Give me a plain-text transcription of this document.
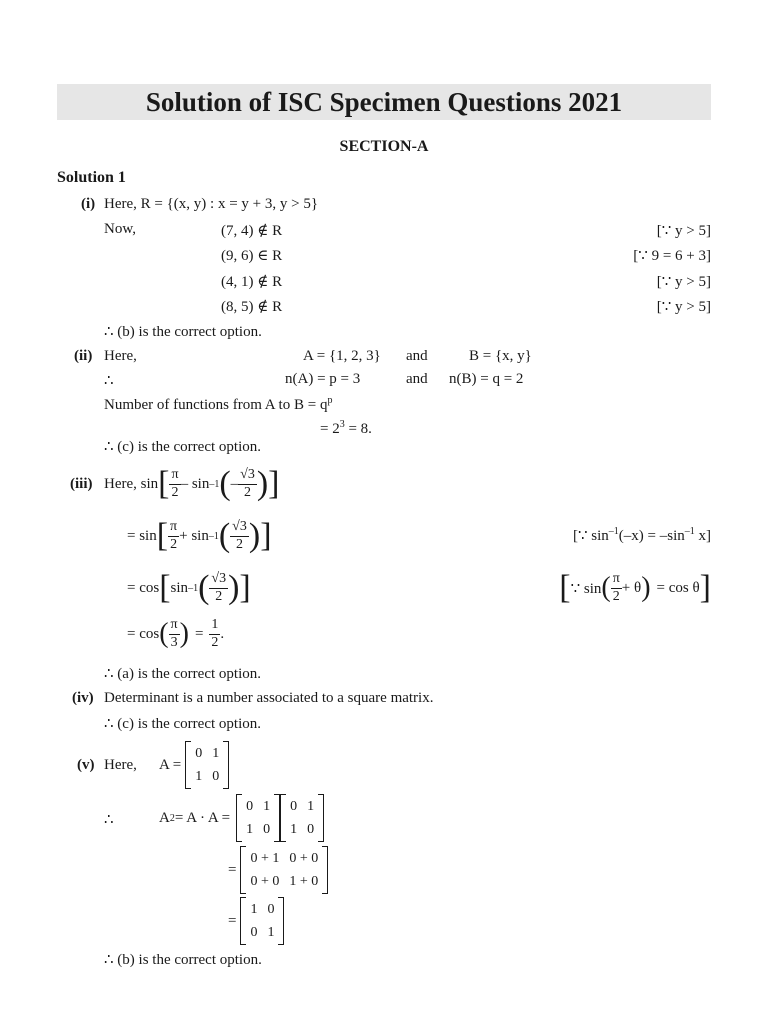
Solution of ISC Specimen Questions 2021
SECTION-A
Solution 1
(i) Here, R = {(x, y) : x = y + 3, y > 5}
Now,	(7, 4) ∉ R	[∵ y > 5]
(9, 6) ∈ R	[∵ 9 = 6 + 3]
(4, 1) ∉ R	[∵ y > 5]
(8, 5) ∉ R	[∵ y > 5]
∴ (b) is the correct option.
(ii) Here,	A = {1, 2, 3} and	B = {x, y}
∴	n(A) = p = 3	and n(B) = q = 2
Number of functions from A to $B = q^p$
= $2^3 = 8$.
∴ (c) is the correct option.
(iii) Here, sin [ $\frac{\pi}{2}$ – sin –1 ( – $\frac{√3}{2}$ ) ]
= sin [ $\frac{\pi}{2} + \sin -1$ ( $\frac{√3}{2}$ ) ]	[∵ $\sin^{-1}(-x) = -\sin^{-1}$ x]
= cos [ sin –1 ( $\frac{√3}{2}$ ) ]	[ ∵ sin ( $\frac{\pi}{2} + \theta$ ) = cos θ ]
= cos ( $\frac{\pi}{3}$ ) = $\frac{1}{2}$ .
∴ (a) is the correct option.
(iv) Determinant is a number associated to a square matrix.
∴ (c) is the correct option.
(v) Here, A =
0	1
1	0
∴	A 2 = A · A =
0	1
1	0
0	1
1	0
=
0 + 1	0 + 0
0 + 0	1 + 0
=
1	0
0	1
∴ (b) is the correct option.
